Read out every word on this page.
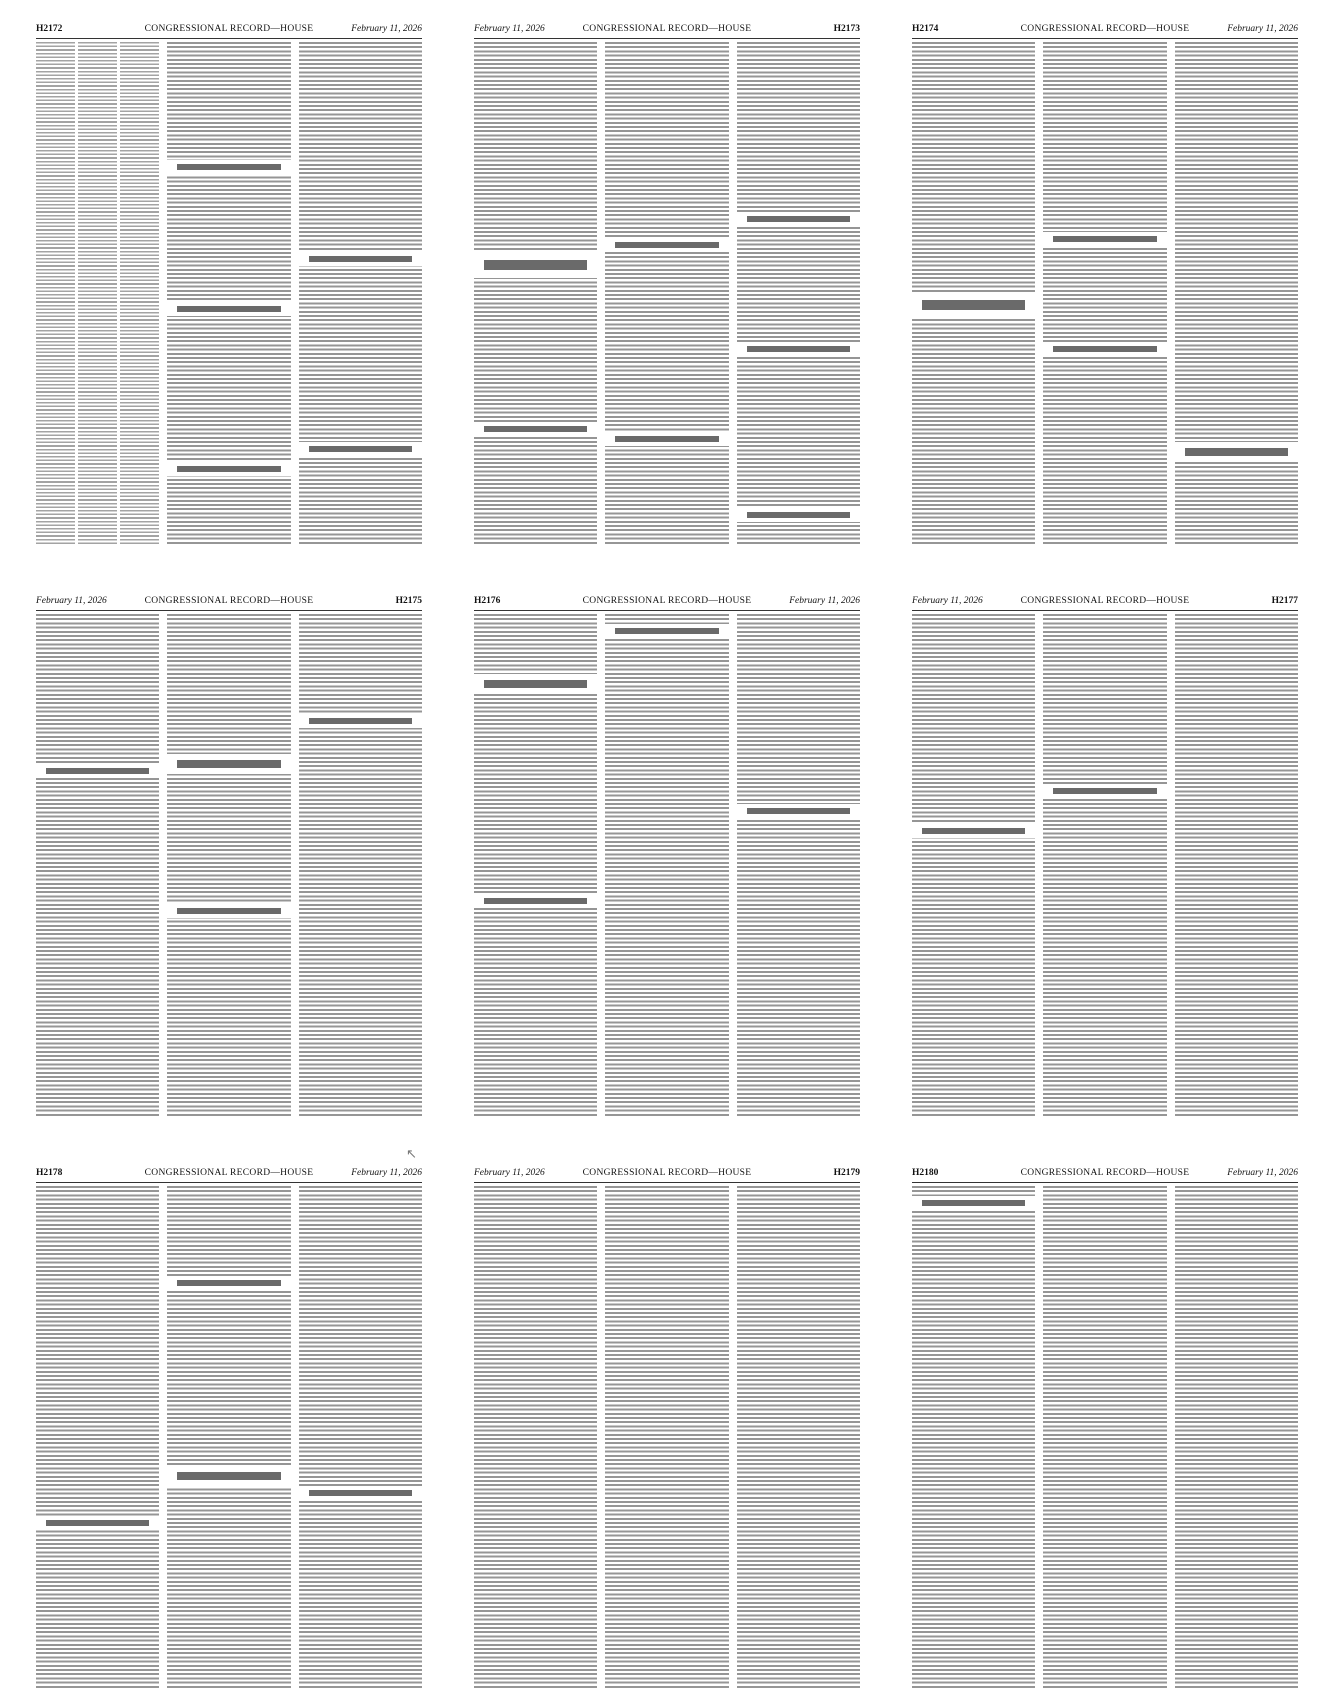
H2172	CONGRESSIONAL RECORD—HOUSE	February 11, 2026	February 11, 2026	CONGRESSIONAL RECORD—HOUSE	H2173	H2174	CONGRESSIONAL RECORD—HOUSE	February 11, 2026
February 11, 2026	CONGRESSIONAL RECORD—HOUSE	H2175	H2176	CONGRESSIONAL RECORD—HOUSE	February 11, 2026	February 11, 2026	CONGRESSIONAL RECORD—HOUSE	H2177
H2178	CONGRESSIONAL RECORD—HOUSE	February 11, 2026	February 11, 2026	CONGRESSIONAL RECORD—HOUSE	H2179	H2180	CONGRESSIONAL RECORD—HOUSE	February 11, 2026
